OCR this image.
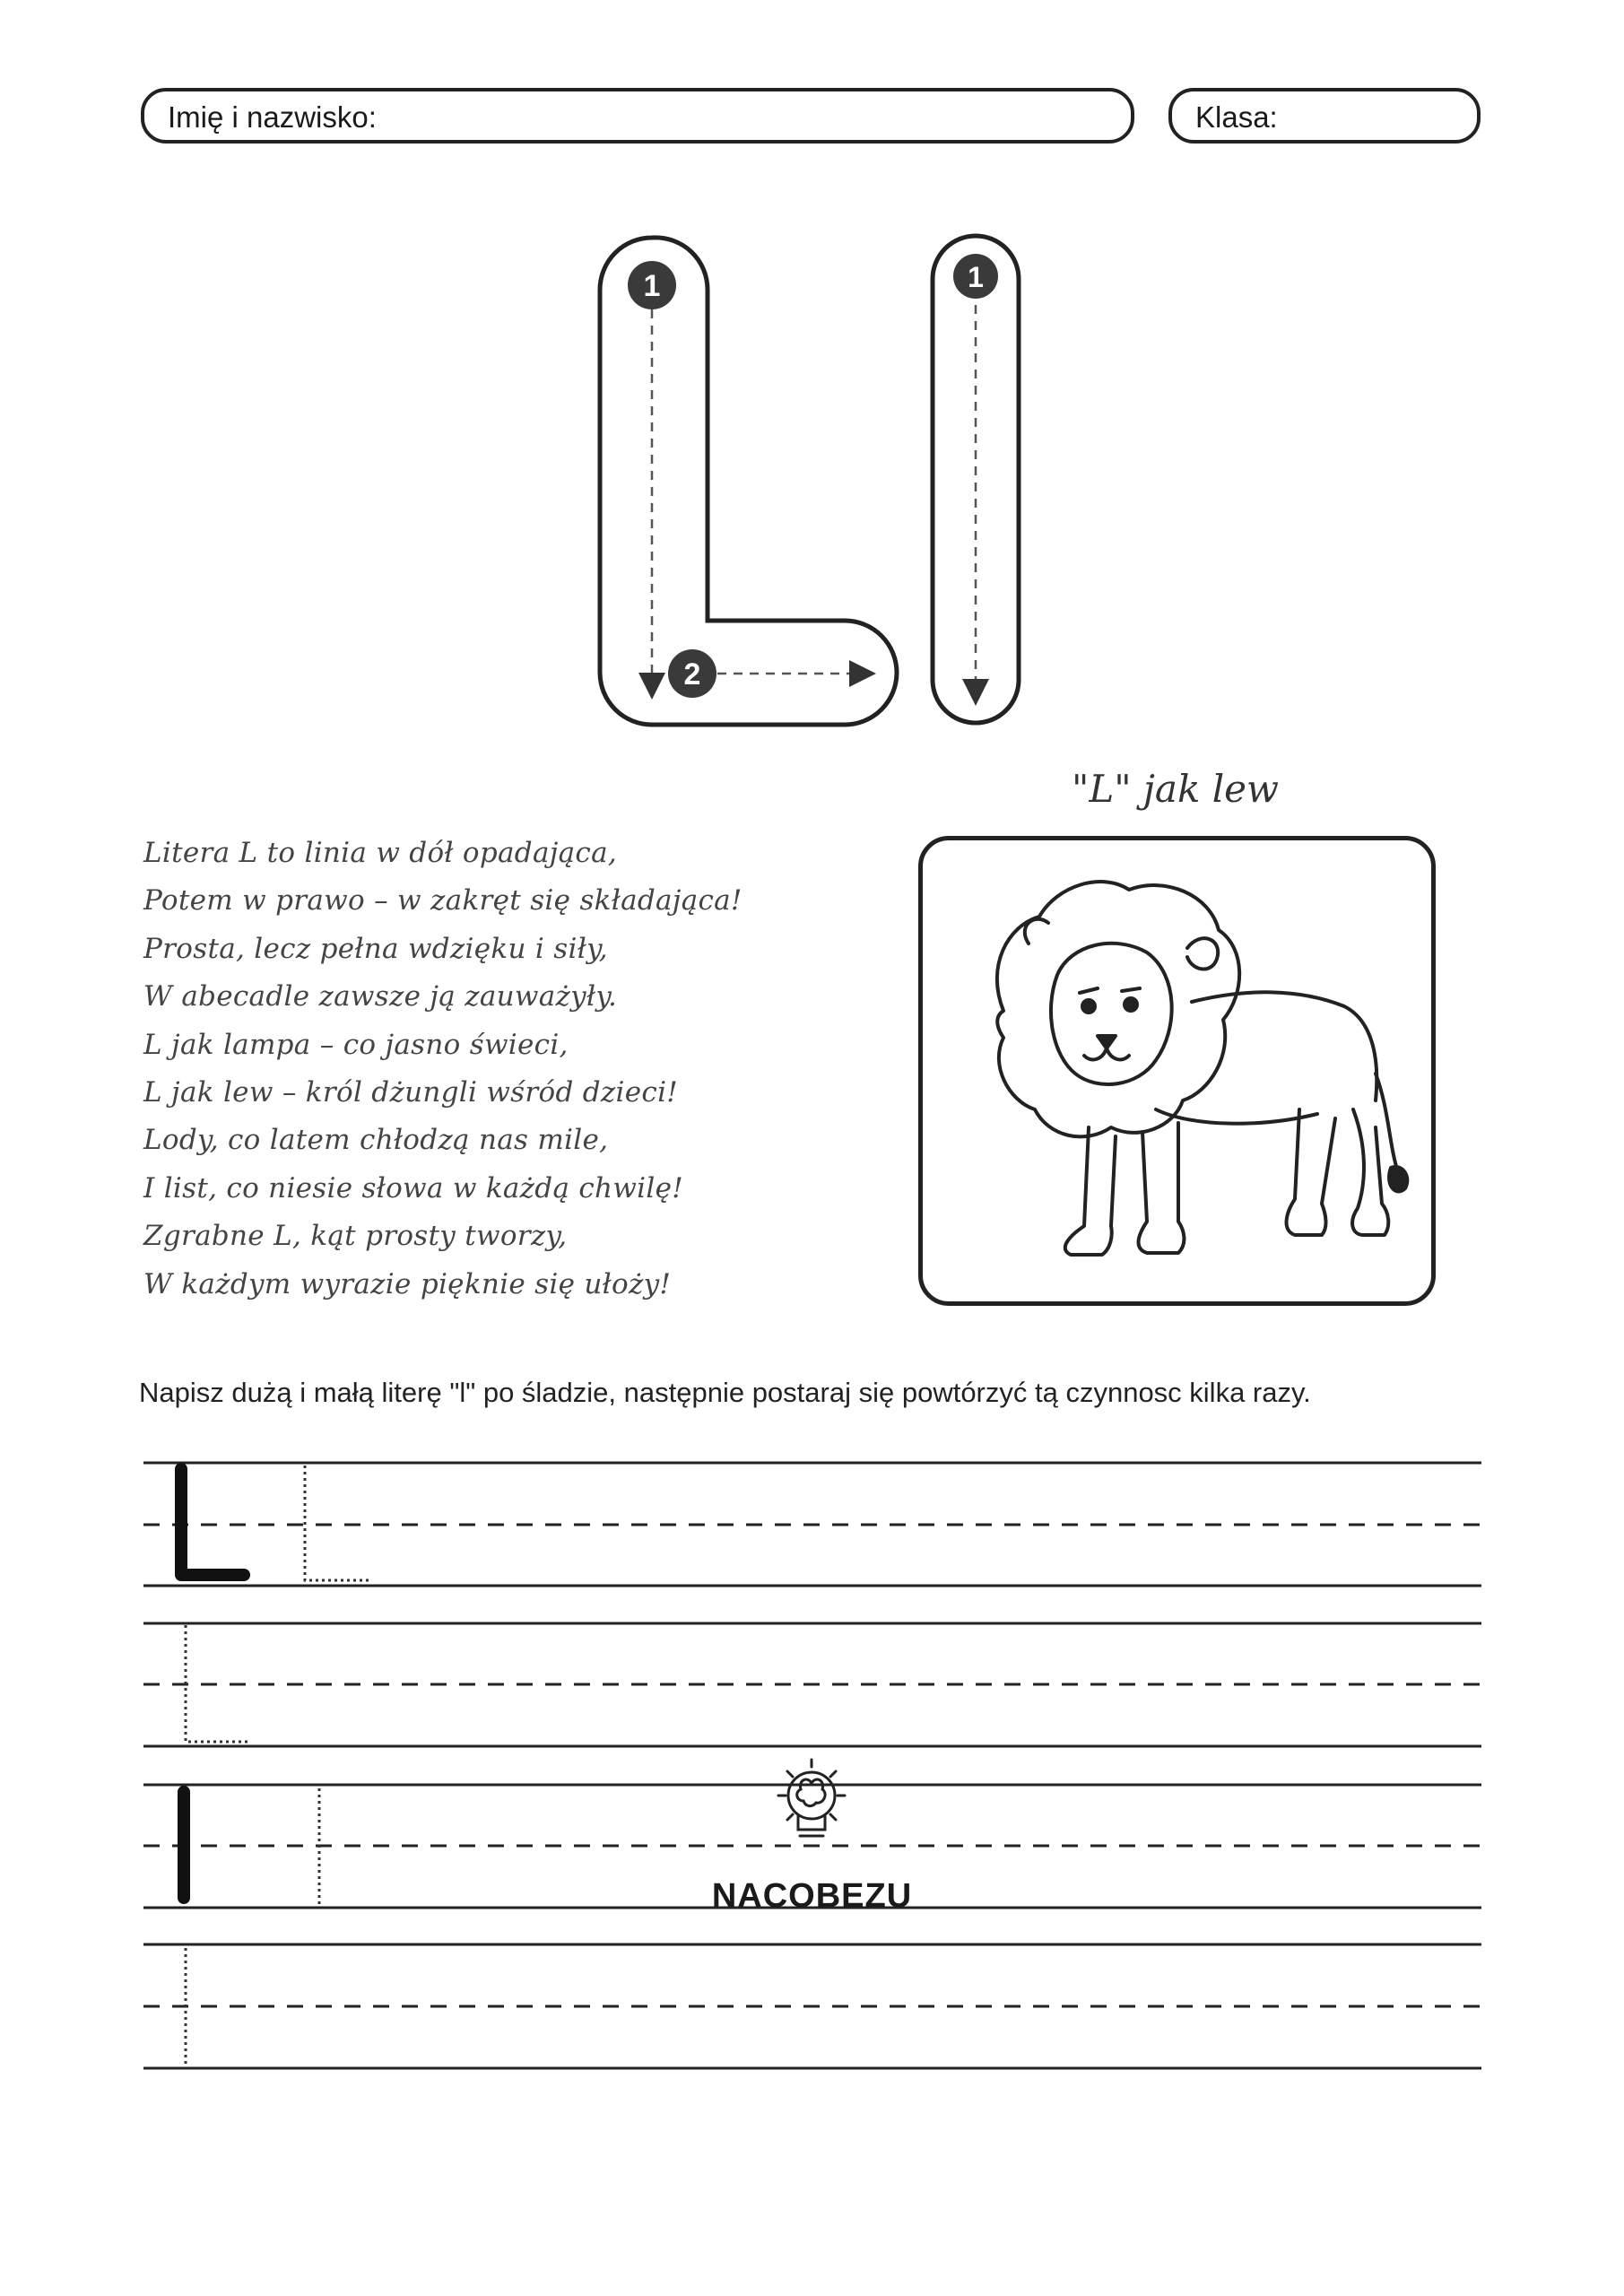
Imię i nazwisko:	Klasa:
1
2
1
Litera L to linia w dół opadająca,
Potem w prawo – w zakręt się składająca!
Prosta, lecz pełna wdzięku i siły,
W abecadle zawsze ją zauważyły.
L jak lampa – co jasno świeci,
L jak lew – król dżungli wśród dzieci!
Lody, co latem chłodzą nas mile,
I list, co niesie słowa w każdą chwilę!
Zgrabne L, kąt prosty tworzy,
W każdym wyrazie pięknie się ułoży!
"L" jak lew
Napisz dużą i małą literę "l" po śladzie, następnie postaraj się powtórzyć tą czynnosc kilka razy.
NACOBEZU
